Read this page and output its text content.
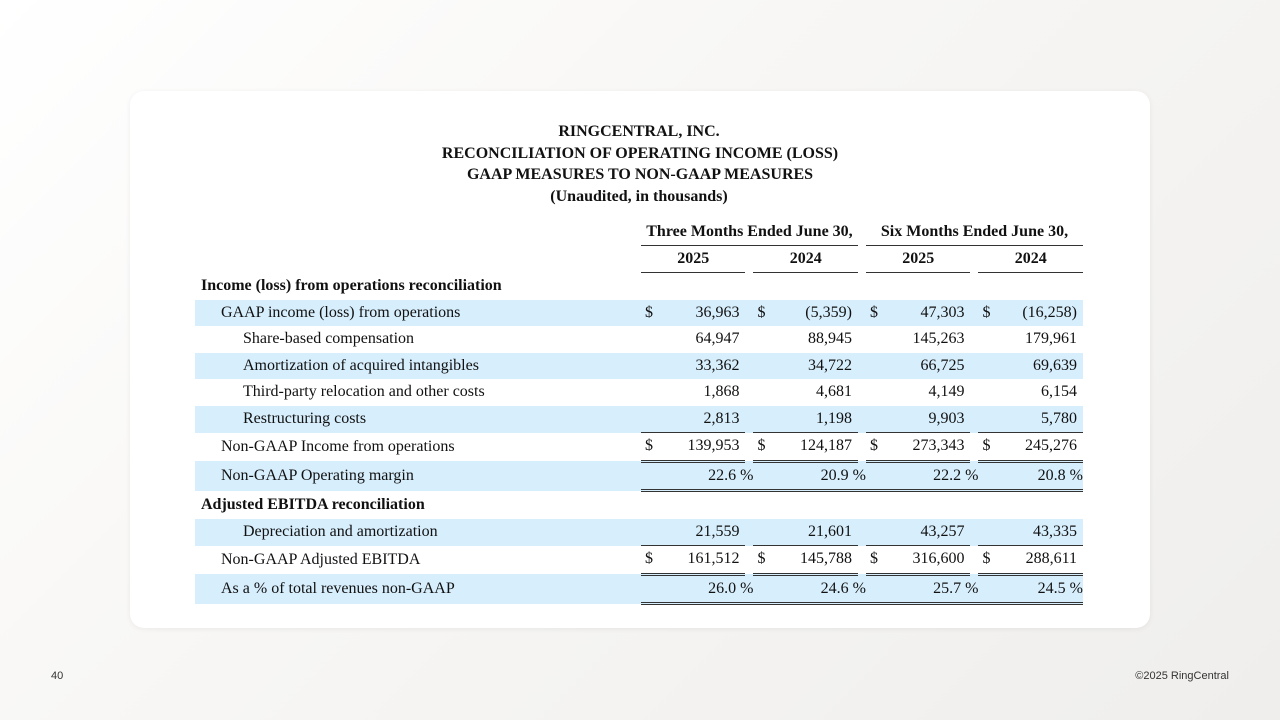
RINGCENTRAL, INC.
RECONCILIATION OF OPERATING INCOME (LOSS)
GAAP MEASURES TO NON-GAAP MEASURES
(Unaudited, in thousands)
	Three Months Ended June 30,				Six Months Ended June 30,		
	2025		2024		2025		2024
Income (loss) from operations reconciliation							
GAAP income (loss) from operations	$ 36,963		$ (5,359)		$ 47,303		$ (16,258)

Share-based compensation	64,947		88,945		145,263		179,961

Amortization of acquired intangibles	33,362		34,722		66,725		69,639

Third-party relocation and other costs	1,868		4,681		4,149		6,154

Restructuring costs	2,813		1,198		9,903		5,780

Non-GAAP Income from operations	$ 139,953		$ 124,187		$ 273,343		$ 245,276

Non-GAAP Operating margin	22.6 %		20.9 %		22.2 %		20.8 %
Adjusted EBITDA reconciliation							
Depreciation and amortization	21,559		21,601		43,257		43,335

Non-GAAP Adjusted EBITDA	$ 161,512		$ 145,788		$ 316,600		$ 288,611

As a % of total revenues non-GAAP	26.0 %		24.6 %		25.7 %		24.5 %
40	©2025 RingCentral
